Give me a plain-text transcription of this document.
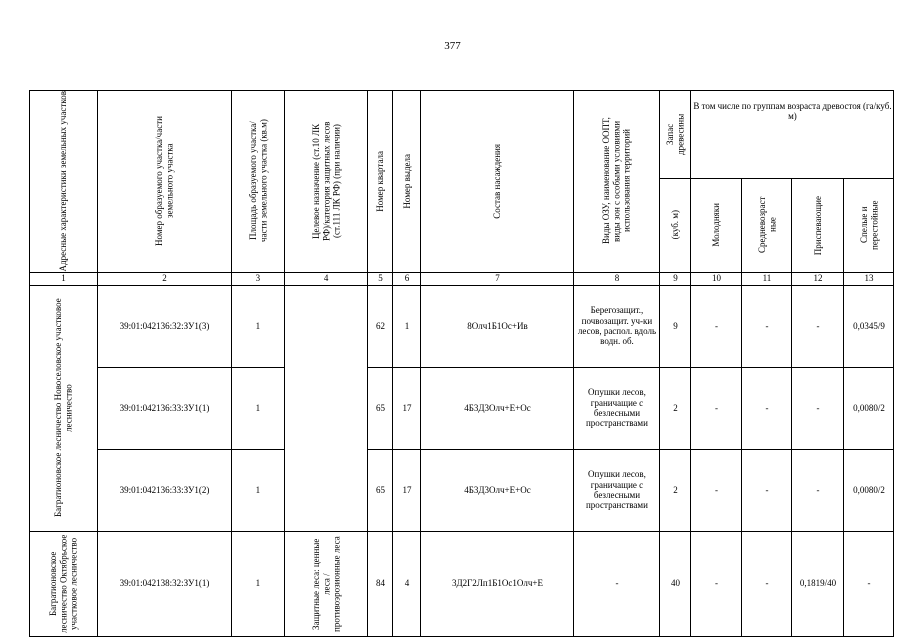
377
Адресные характеристики земельных участков	Номер образуемого участка/части земельного участка	Площадь образуемого участка/части земельного участка (кв.м)	Целевое назначение (ст.10 ЛК РФ)/категория защитных лесов (ст.111 ЛК РФ) (при наличии)	Номер квартала	Номер выдела	Состав насаждения	Виды ОЗУ, наименование ООПТ, виды зон с особыми условиями использования территорий	Запас древесины	В том числе по группам возраста древостоя (га/куб. м)			

								(куб. м)	Молодняки	Средневозраст ные	Приспевающие	Спелые и перестойные

1	2	3	4	5	6	7	8	9	10	11	12	13

Багратионовское лесничество Новоселовское участковое лесничество	39:01:042136:32:ЗУ1(3)	1		62	1	8Олч1Б1Ос+Ив	Берегозащит., почвозащит. уч-ки лесов, распол. вдоль водн. об.	9	-	-	-	0,0345/9
	39:01:042136:33:ЗУ1(1)	1		65	17	4Б3Д3Олч+Е+Ос	Опушки лесов, граничащие с безлесными пространствами	2	-	-	-	0,0080/2
	39:01:042136:33:ЗУ1(2)	1		65	17	4Б3Д3Олч+Е+Ос	Опушки лесов, граничащие с безлесными пространствами	2	-	-	-	0,0080/2

Багратионовское лесничество Октябрьское участковое лесничество	39:01:042138:32:ЗУ1(1)	1	Защитные леса: ценные леса /противоэрозионные леса	84	4	3Д2Г2Лп1Б1Ос1Олч+Е	-	40	-	-	0,1819/40	-
